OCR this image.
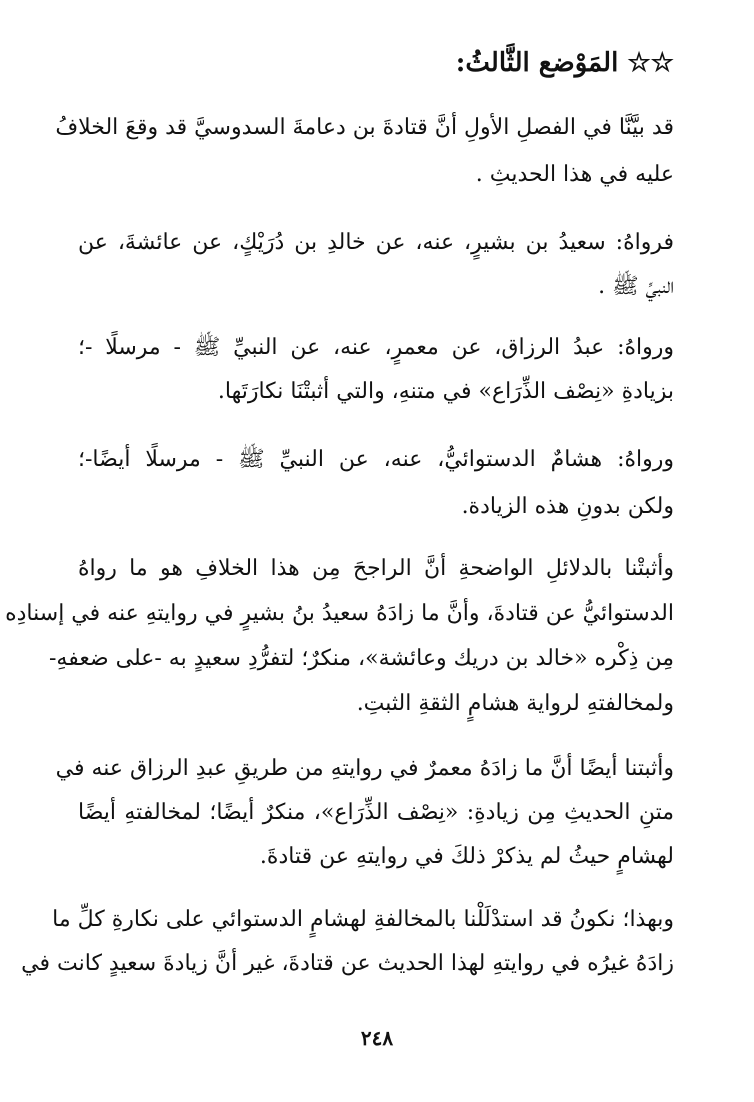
☆☆ المَوْضع الثَّالثُ:
قد بيَّنَّا في الفصلِ الأولِ أنَّ قتادةَ بن دعامةَ السدوسيَّ قد وقعَ الخلافُ
عليه في هذا الحديثِ .
فرواهُ: سعيدُ بن بشيرٍ، عنه، عن خالدِ بن دُرَيْكٍ، عن عائشةَ، عن
النبيِّ ﷺ .
ورواهُ: عبدُ الرزاق، عن معمرٍ، عنه، عن النبيِّ ﷺ - مرسلًا -؛
بزيادةِ «نِصْف الذِّرَاع» في متنهِ، والتي أثبتْنَا نكارَتَها.
ورواهُ: هشامٌ الدستوائيُّ، عنه، عن النبيِّ ﷺ - مرسلًا أيضًا-؛
ولكن بدونِ هذه الزيادة.
وأثبتْنا بالدلائلِ الواضحةِ أنَّ الراجحَ مِن هذا الخلافِ هو ما رواهُ
الدستوائيُّ عن قتادةَ، وأنَّ ما زادَهُ سعيدُ بنُ بشيرٍ في روايتهِ عنه في إسنادِه
مِن ذِكْره «خالد بن دريك وعائشة»، منكرٌ؛ لتفرُّدِ سعيدٍ به -على ضعفهِ-
ولمخالفتهِ لرواية هشامٍ الثقةِ الثبتِ.
وأثبتنا أيضًا أنَّ ما زادَهُ معمرٌ في روايتهِ من طريقِ عبدِ الرزاق عنه في
متنِ الحديثِ مِن زيادةِ: «نِصْف الذِّرَاع»، منكرٌ أيضًا؛ لمخالفتهِ أيضًا
لهشامٍ حيثُ لم يذكرْ ذلكَ في روايتهِ عن قتادةَ.
وبهذا؛ نكونُ قد استدْلَلْنا بالمخالفةِ لهشامٍ الدستوائي على نكارةِ كلِّ ما
زادَهُ غيرُه في روايتهِ لهذا الحديث عن قتادةَ، غير أنَّ زيادةَ سعيدٍ كانت في
٢٤٨
